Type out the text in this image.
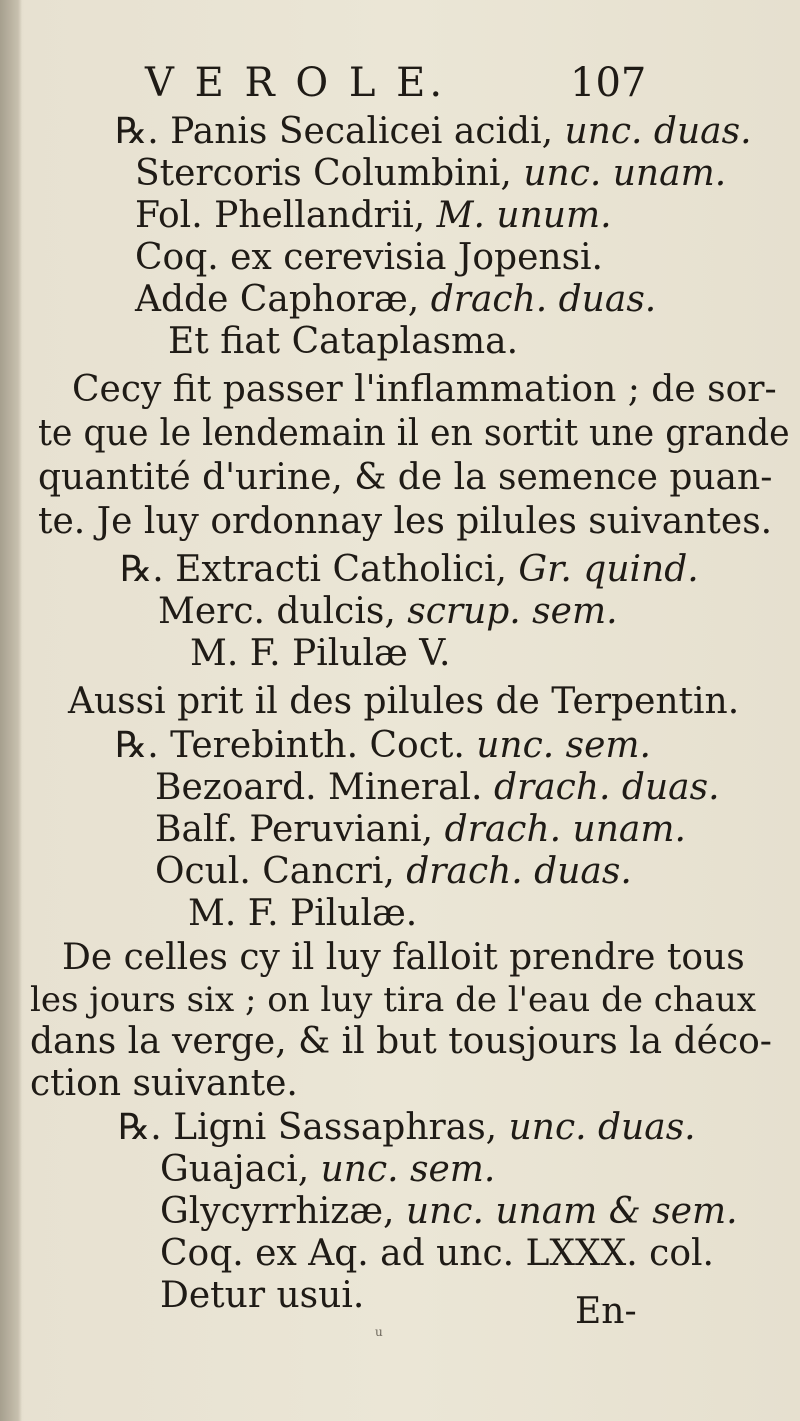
V E R O L E.	107
℞. Panis Secalicei acidi, unc. duas.
Stercoris Columbini, unc. unam.
Fol. Phellandrii, M. unum.
Coq. ex cerevisia Jopensi.
Adde Caphoræ, drach. duas.
Et fiat Cataplasma.
Cecy fit passer l'inflammation ; de sor-
te que le lendemain il en sortit une grande
quantité d'urine, & de la semence puan-
te. Je luy ordonnay les pilules suivantes.
℞. Extracti Catholici, Gr. quind.
Merc. dulcis, scrup. sem.
M. F. Pilulæ V.
Aussi prit il des pilules de Terpentin.
℞. Terebinth. Coct. unc. sem.
Bezoard. Mineral. drach. duas.
Balf. Peruviani, drach. unam.
Ocul. Cancri, drach. duas.
M. F. Pilulæ.
De celles cy il luy falloit prendre tous
les jours six ; on luy tira de l'eau de chaux
dans la verge, & il but tousjours la déco-
ction suivante.
℞. Ligni Sassaphras, unc. duas.
Guajaci, unc. sem.
Glycyrrhizæ, unc. unam & sem.
Coq. ex Aq. ad unc. LXXX. col.
Detur usui.	En-
u
